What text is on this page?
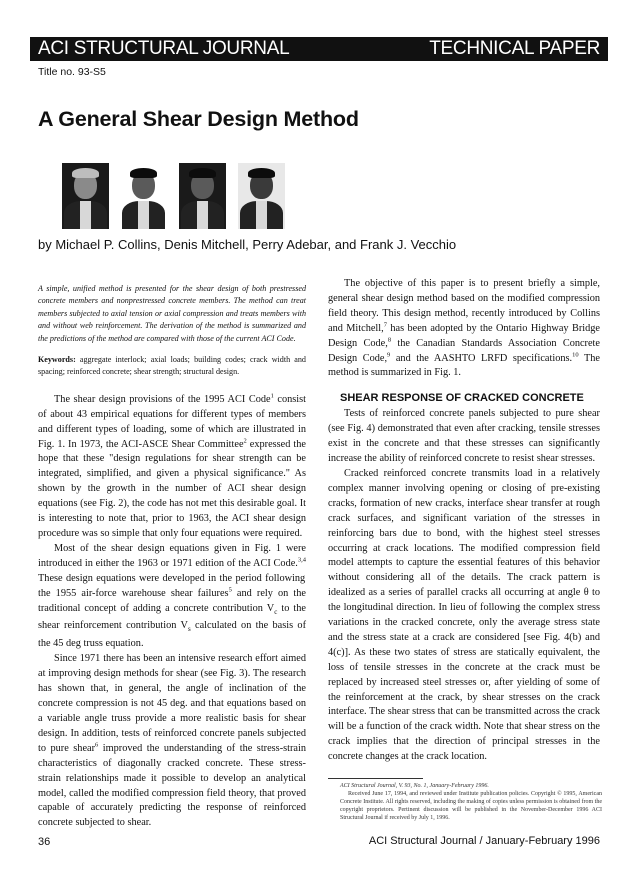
ACI STRUCTURAL JOURNAL	TECHNICAL PAPER
Title no. 93-S5
A General Shear Design Method
by Michael P. Collins, Denis Mitchell, Perry Adebar, and Frank J. Vecchio

A simple, unified method is presented for the shear design of both prestressed concrete members and nonprestressed concrete members. The method can treat members subjected to axial tension or axial compression and treats members with and without web reinforcement. The derivation of the method is summarized and the predictions of the method are compared with those of the current ACI Code.

Keywords: aggregate interlock; axial loads; building codes; crack width and spacing; reinforced concrete; shear strength; structural design.

The shear design provisions of the 1995 ACI Code$^1$ consist of about 43 empirical equations for different types of members and different types of loading, some of which are illustrated in Fig. 1. In 1973, the ACI-ASCE Shear Committee$^2$ expressed the hope that these "design regulations for shear strength can be integrated, simplified, and given a physical significance." As shown by the growth in the number of ACI shear design equations (see Fig. 2), the code has not met this desirable goal. It is interesting to note that, prior to 1963, the ACI shear design procedure was so simple that only four equations were required.

Most of the shear design equations given in Fig. 1 were introduced in either the 1963 or 1971 edition of the ACI Code.$^{3,4}$ These design equations were developed in the period following the 1955 air-force warehouse shear failures$^5$ and rely on the traditional concept of adding a concrete contribution $V_c$ to the shear reinforcement contribution $V_s$ calculated on the basis of the 45 deg truss equation.

Since 1971 there has been an intensive research effort aimed at improving design methods for shear (see Fig. 3). The research has shown that, in general, the angle of inclination of the concrete compression is not 45 deg. and that equations based on a variable angle truss provide a more realistic basis for shear design. In addition, tests of reinforced concrete panels subjected to pure shear$^6$ improved the understanding of the stress-strain characteristics of diagonally cracked concrete. These stress-strain relationships made it possible to develop an analytical model, called the modified compression field theory, that proved capable of accurately predicting the response of reinforced concrete subjected to shear.

The objective of this paper is to present briefly a simple, general shear design method based on the modified compression field theory. This design method, recently introduced by Collins and Mitchell,$^7$ has been adopted by the Ontario Highway Bridge Design Code,$^8$ the Canadian Standards Association Concrete Design Code,$^9$ and the AASHTO LRFD specifications.$^{10}$ The method is summarized in Fig. 1.

SHEAR RESPONSE OF CRACKED CONCRETE

Tests of reinforced concrete panels subjected to pure shear (see Fig. 4) demonstrated that even after cracking, tensile stresses exist in the concrete and that these stresses can significantly increase the ability of reinforced concrete to resist shear stresses.

Cracked reinforced concrete transmits load in a relatively complex manner involving opening or closing of pre-existing cracks, formation of new cracks, interface shear transfer at rough crack surfaces, and significant variation of the stresses in reinforcing bars due to bond, with the highest steel stresses occurring at crack locations. The modified compression field model attempts to capture the essential features of this behavior without considering all of the details. The crack pattern is idealized as a series of parallel cracks all occurring at angle θ to the longitudinal direction. In lieu of following the complex stress variations in the cracked concrete, only the average stress state and the stress state at a crack are considered [see Fig. 4(b) and 4(c)]. As these two states of stress are statically equivalent, the loss of tensile stresses in the concrete at the crack must be replaced by increased steel stresses or, after yielding of some of the reinforcement at the crack, by shear stresses on the crack interface. The shear stress that can be transmitted across the crack will be a function of the crack width. Note that shear stress on the crack implies that the direction of principal stresses in the concrete changes at the crack location.

ACI Structural Journal, V. 93, No. 1, January-February 1996.

Received June 17, 1994, and reviewed under Institute publication policies. Copyright © 1995, American Concrete Institute. All rights reserved, including the making of copies unless permission is obtained from the copyright proprietors. Pertinent discussion will be published in the November-December 1996 ACI Structural Journal if received by July 1, 1996.

36	ACI Structural Journal / January-February 1996
